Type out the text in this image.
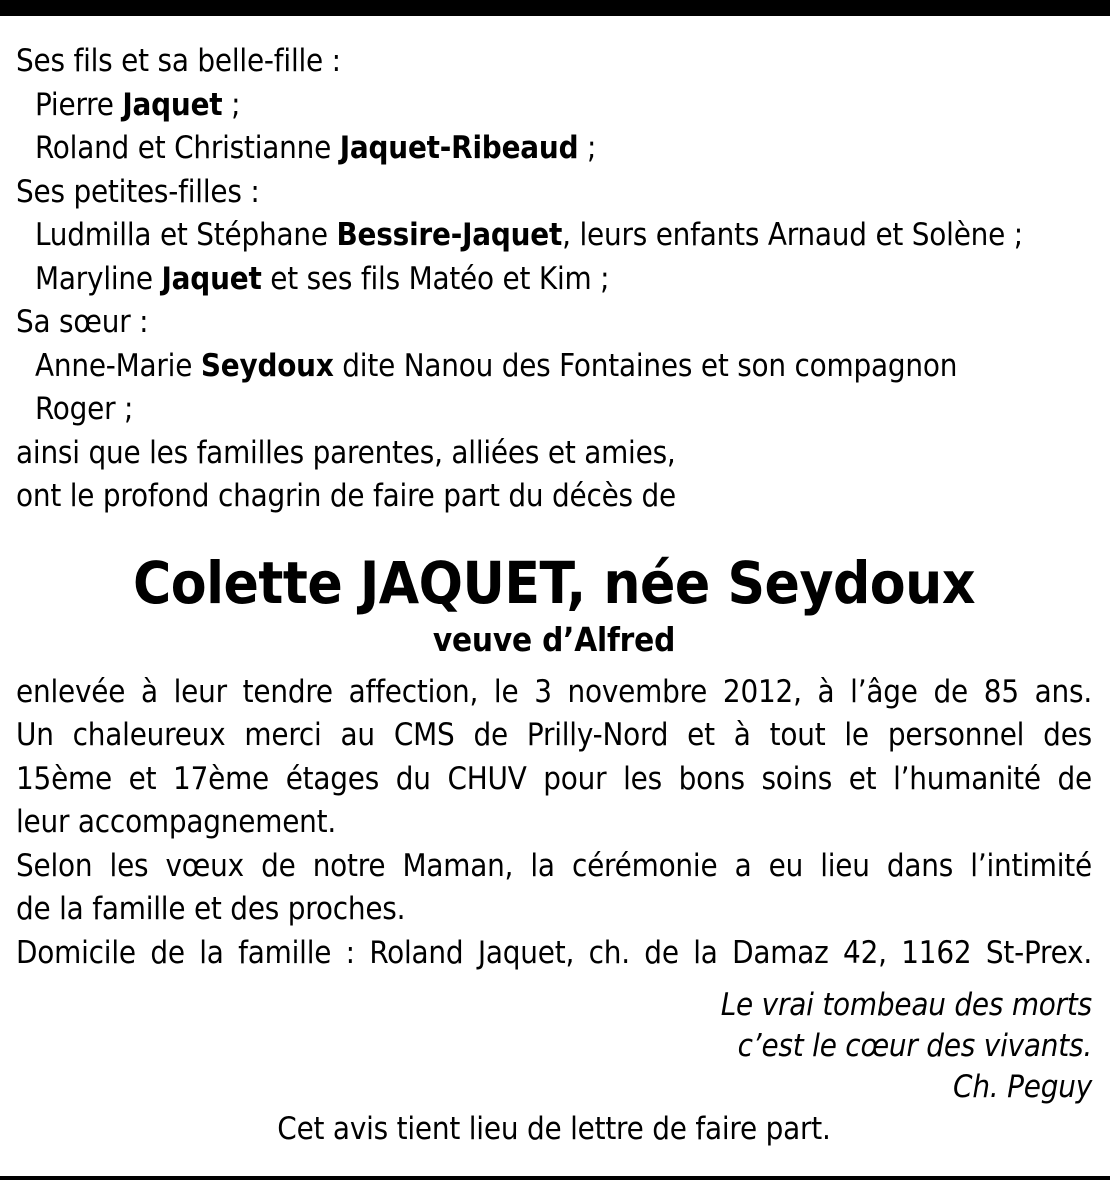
Ses fils et sa belle-fille :
Pierre Jaquet ;
Roland et Christianne Jaquet-Ribeaud ;
Ses petites-filles :
Ludmilla et Stéphane Bessire-Jaquet, leurs enfants Arnaud et Solène ;
Maryline Jaquet et ses fils Matéo et Kim ;
Sa sœur :
Anne-Marie Seydoux dite Nanou des Fontaines et son compagnon
Roger ;
ainsi que les familles parentes, alliées et amies,
ont le profond chagrin de faire part du décès de
Colette JAQUET, née Seydoux
veuve d’Alfred
enlevée à leur tendre affection, le 3 novembre 2012, à l’âge de 85 ans.
Un chaleureux merci au CMS de Prilly-Nord et à tout le personnel des
15ème et 17ème étages du CHUV pour les bons soins et l’humanité de
leur accompagnement.
Selon les vœux de notre Maman, la cérémonie a eu lieu dans l’intimité
de la famille et des proches.
Domicile de la famille : Roland Jaquet, ch. de la Damaz 42, 1162 St-Prex.
Le vrai tombeau des morts
c’est le cœur des vivants.
Ch. Peguy
Cet avis tient lieu de lettre de faire part.
